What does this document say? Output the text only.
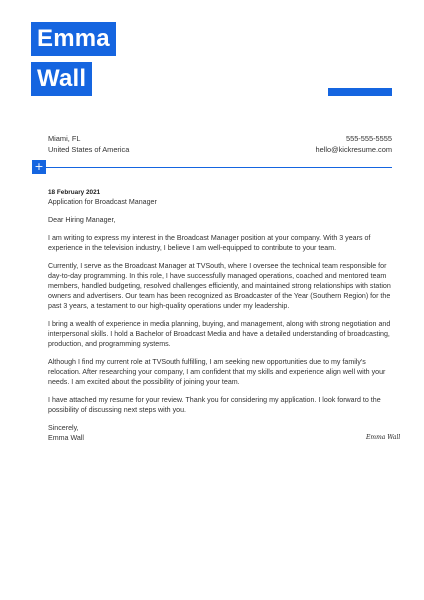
Emma
Wall
Miami, FL
United States of America
555-555-5555
hello@kickresume.com
+
18 February 2021
Application for Broadcast Manager
Dear Hiring Manager,
I am writing to express my interest in the Broadcast Manager position at your company. With 3 years of experience in the television industry, I believe I am well-equipped to contribute to your team.
Currently, I serve as the Broadcast Manager at TVSouth, where I oversee the technical team responsible for day-to-day programming. In this role, I have successfully managed operations, coached and mentored team members, handled budgeting, resolved challenges efficiently, and maintained strong relationships with station owners and advertisers. Our team has been recognized as Broadcaster of the Year (Southern Region) for the past 3 years, a testament to our high-quality operations under my leadership.
I bring a wealth of experience in media planning, buying, and management, along with strong negotiation and interpersonal skills. I hold a Bachelor of Broadcast Media and have a detailed understanding of broadcasting, production, and programming systems.
Although I find my current role at TVSouth fulfilling, I am seeking new opportunities due to my family's relocation. After researching your company, I am confident that my skills and experience align well with your needs. I am excited about the possibility of joining your team.
I have attached my resume for your review. Thank you for considering my application. I look forward to the possibility of discussing next steps with you.
Sincerely,
Emma Wall	Emma Wall
